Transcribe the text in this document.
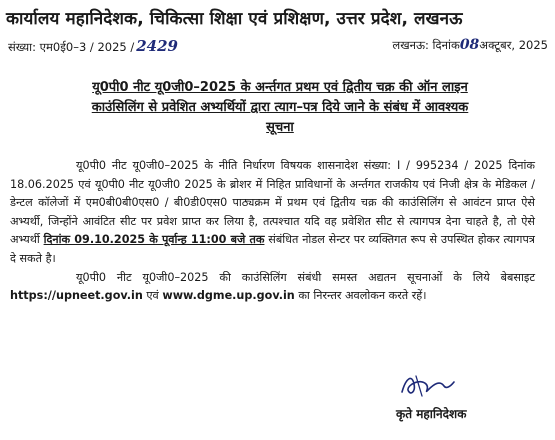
कार्यालय महानिदेशक, चिकित्सा शिक्षा एवं प्रशिक्षण, उत्तर प्रदेश, लखनऊ
संख्या: एम0ई0–3 / 2025 / 2429	लखनऊ: दिनांक08अक्टूबर, 2025
यू0पी0 नीट यू0जी0–2025 के अर्न्तगत प्रथम एवं द्वितीय चक्र की ऑन लाइन
काउंसिलिंग से प्रवेशित अभ्यर्थियों द्वारा त्याग–पत्र दिये जाने के संबंध में आवश्यक
सूचना

यू0पी0 नीट यू0जी0–2025 के नीति निर्धारण विषयक शासनादेश संख्या: I / 995234 / 2025 दिनांक 18.06.2025 एवं यू0पी0 नीट यू0जी0 2025 के ब्रोशर में निहित प्राविधानों के अर्न्तगत राजकीय एवं निजी क्षेत्र के मेडिकल / डेन्टल कॉलेजों में एम0बी0बी0एस0 / बी0डी0एस0 पाठ्यक्रम में प्रथम एवं द्वितीय चक्र की काउंसिलिंग से आवंटन प्राप्त ऐसे अभ्यर्थी, जिन्होंने आवंटित सीट पर प्रवेश प्राप्त कर लिया है, तत्पश्चात यदि वह प्रवेशित सीट से त्यागपत्र देना चाहते है, तो ऐसे अभ्यर्थी दिनांक 09.10.2025 के पूर्वान्ह 11:00 बजे तक संबंधित नोडल सेन्टर पर व्यक्तिगत रूप से उपस्थित होकर त्यागपत्र दे सकते है।

यू0पी0 नीट यू0जी0–2025 की काउंसिलिंग संबंधी समस्त अद्यतन सूचनाओं के लिये बेबसाइट https://upneet.gov.in एवं www.dgme.up.gov.in का निरन्तर अवलोकन करते रहें।

कृते महानिदेशक
